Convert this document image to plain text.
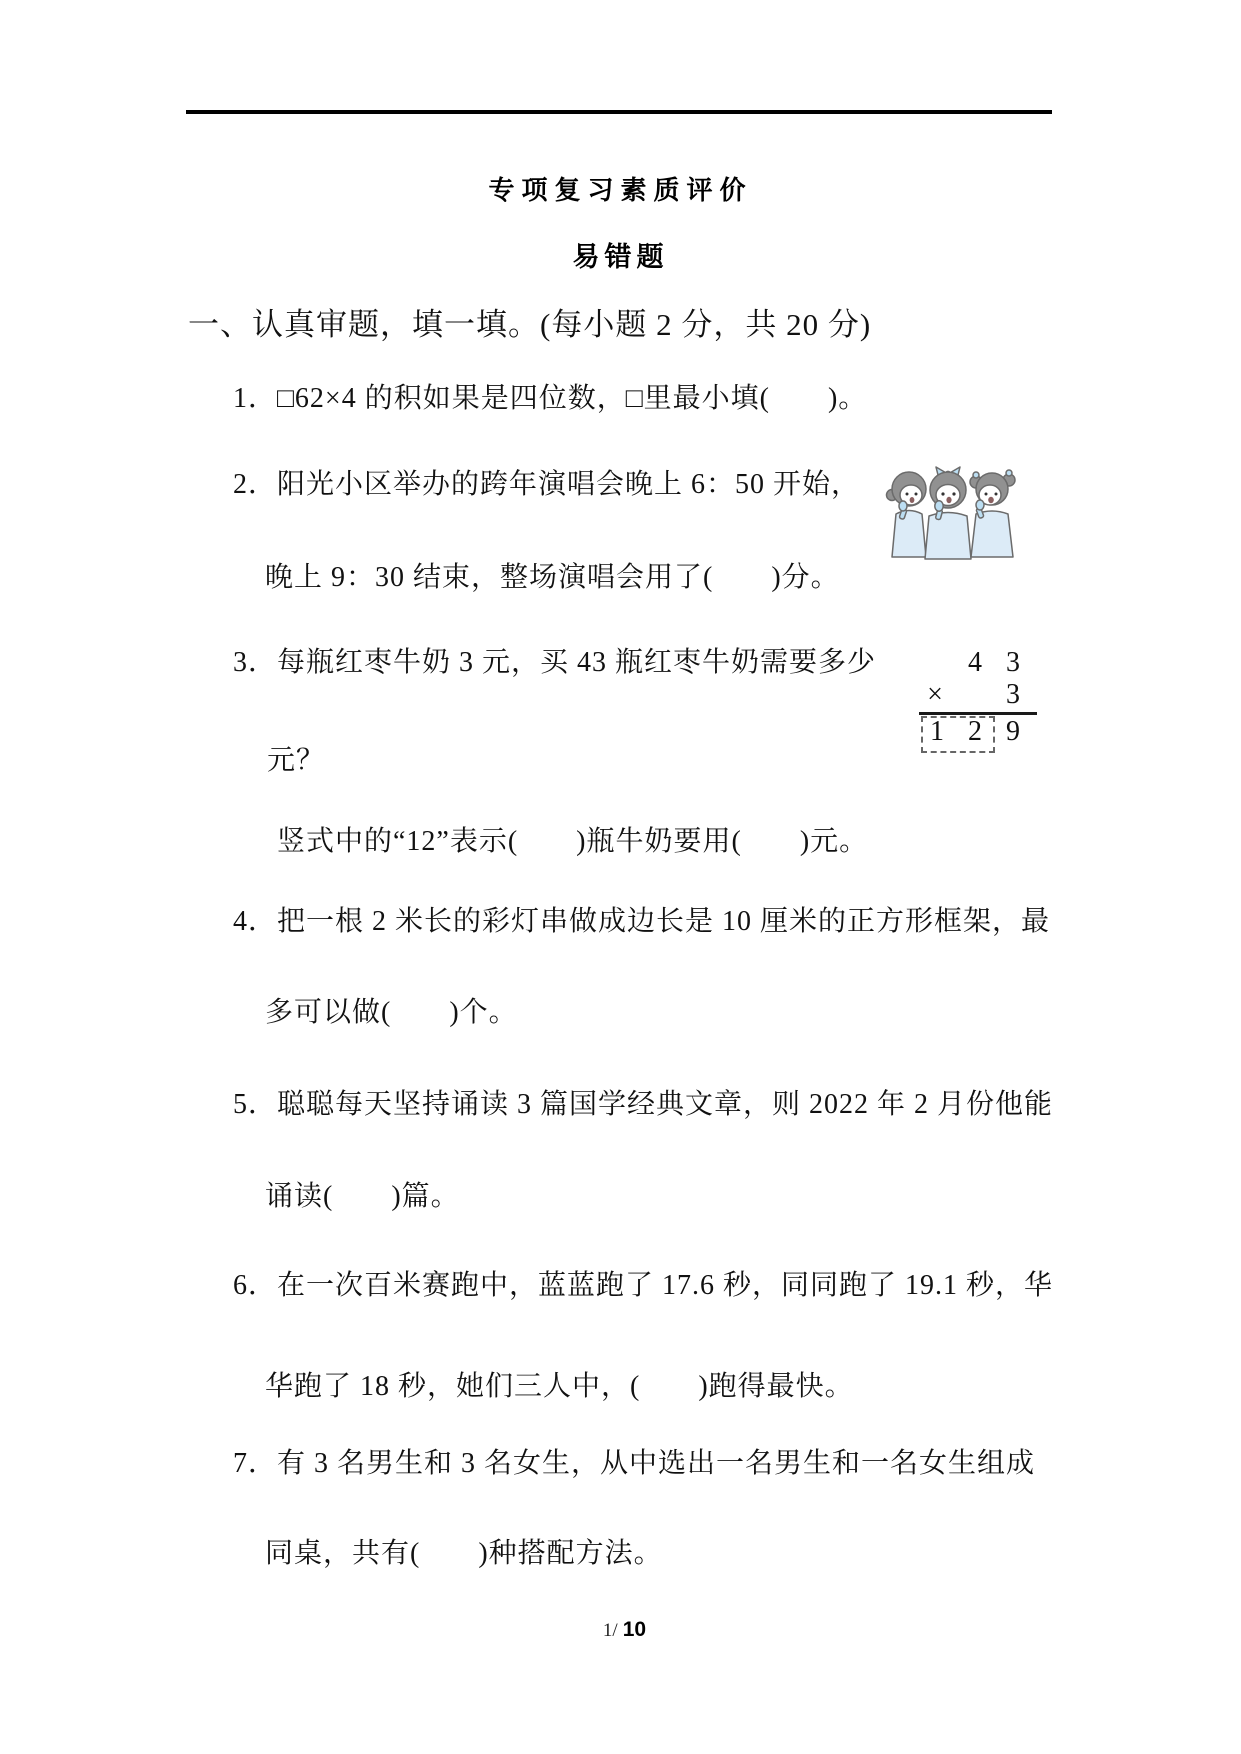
专项复习素质评价
易错题
一、认真审题，填一填。(每小题 2 分，共 20 分)
1．□62×4 的积如果是四位数，□里最小填(　　)。
2．阳光小区举办的跨年演唱会晚上 6：50 开始，
晚上 9：30 结束，整场演唱会用了(　　)分。
3．每瓶红枣牛奶 3 元，买 43 瓶红枣牛奶需要多少
元？
竖式中的“12”表示(　　)瓶牛奶要用(　　)元。
4．把一根 2 米长的彩灯串做成边长是 10 厘米的正方形框架，最
多可以做(　　)个。
5．聪聪每天坚持诵读 3 篇国学经典文章，则 2022 年 2 月份他能
诵读(　　)篇。
6．在一次百米赛跑中，蓝蓝跑了 17.6 秒，同同跑了 19.1 秒，华
华跑了 18 秒，她们三人中，(　　)跑得最快。
7．有 3 名男生和 3 名女生，从中选出一名男生和一名女生组成
同桌，共有(　　)种搭配方法。
4 3
× 3
1 2 9

1/ 10
